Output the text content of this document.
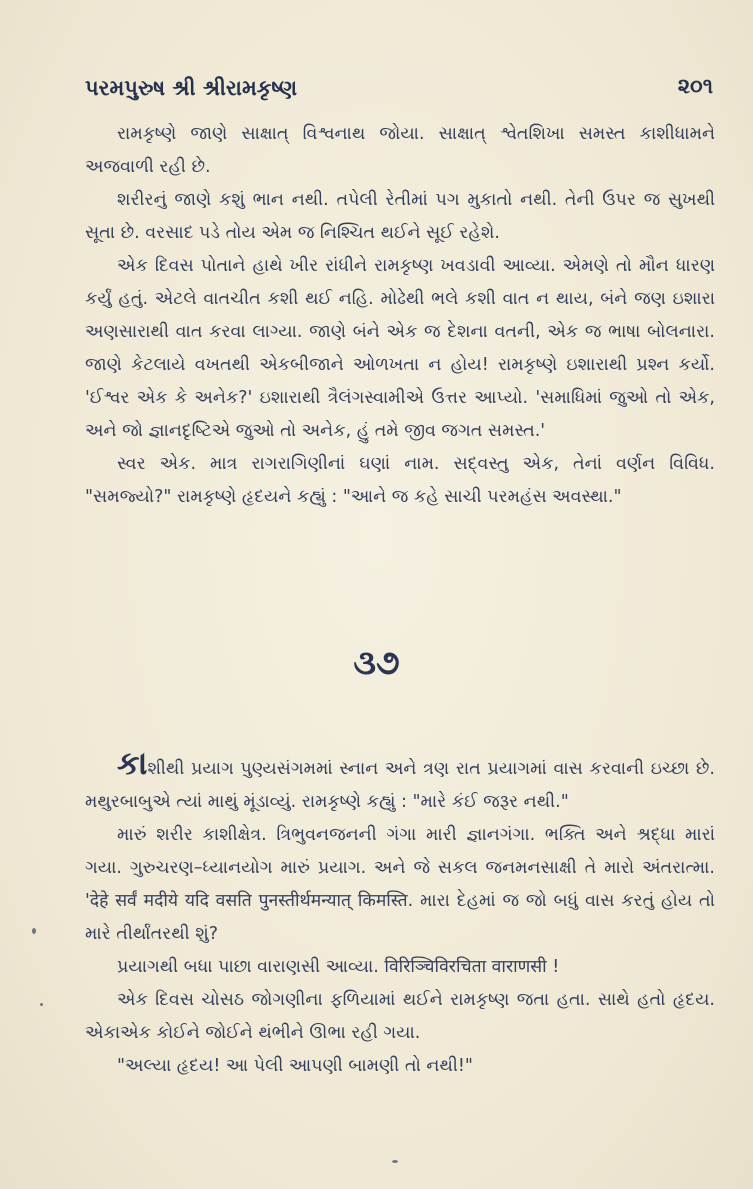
પરમપુરુષ શ્રી શ્રીરામકૃષ્ણ	૨૦૧

રામકૃષ્ણે જાણે સાક્ષાત્ વિશ્વનાથ જોયા. સાક્ષાત્ શ્વેતશિખા સમસ્ત કાશીધામને અજવાળી રહી છે.

શરીરનું જાણે કશું ભાન નથી. તપેલી રેતીમાં પગ મુકાતો નથી. તેની ઉપર જ સુખથી સૂતા છે. વરસાદ પડે તોય એમ જ નિશ્ચિત થઈને સૂઈ રહેશે.

એક દિવસ પોતાને હાથે ખીર રાંધીને રામકૃષ્ણ ખવડાવી આવ્યા. એમણે તો મૌન ધારણ કર્યું હતું. એટલે વાતચીત કશી થઈ નહિ. મોઢેથી ભલે કશી વાત ન થાય, બંને જણ ઇશારા અણસારાથી વાત કરવા લાગ્યા. જાણે બંને એક જ દેશના વતની, એક જ ભાષા બોલનારા. જાણે કેટલાયે વખતથી એકબીજાને ઓળખતા ન હોય! રામકૃષ્ણે ઇશારાથી પ્રશ્ન કર્યો. 'ઈશ્વર એક કે અનેક?' ઇશારાથી ત્રૈલંગસ્વામીએ ઉત્તર આપ્યો. 'સમાધિમાં જુઓ તો એક, અને જો જ્ઞાનદૃષ્ટિએ જુઓ તો અનેક, હું તમે જીવ જગત સમસ્ત.'

સ્વર એક. માત્ર રાગરાગિણીનાં ઘણાં નામ. સદ્‌વસ્તુ એક, તેનાં વર્ણન વિવિધ. "સમજ્યો?" રામકૃષ્ણે હૃદયને કહ્યું : "આને જ કહે સાચી પરમહંસ અવસ્થા."

૩૭

કાશીથી પ્રયાગ પુણ્યસંગમમાં સ્નાન અને ત્રણ રાત પ્રયાગમાં વાસ કરવાની ઇચ્છા છે. મથુરબાબુએ ત્યાં માથું મૂંડાવ્યું. રામકૃષ્ણે કહ્યું : "મારે કંઈ જરૂર નથી."

મારું શરીર કાશીક્ષેત્ર. ત્રિભુવનજનની ગંગા મારી જ્ઞાનગંગા. ભક્તિ અને શ્રદ્ધા મારાં ગયા. ગુરુચરણ–ધ્યાનયોગ મારું પ્રયાગ. અને જે સકલ જનમનસાક્ષી તે મારો અંતરાત્મા. 'देहे सर्वं मदीये यदि वसति पुनस्तीर्थमन्यात् किमस्ति. મારા દેહમાં જ જો બધું વાસ કરતું હોય તો મારે તીર્થાંતરથી શું?

પ્રયાગથી બધા પાછા વારાણસી આવ્યા. विरिञ्चिविरचिता वाराणसी !

એક દિવસ ચોસઠ જોગણીના ફળિયામાં થઈને રામકૃષ્ણ જતા હતા. સાથે હતો હૃદય. એકાએક કોઈને જોઈને થંભીને ઊભા રહી ગયા.

"અલ્યા હૃદય! આ પેલી આપણી બામણી તો નથી!"
